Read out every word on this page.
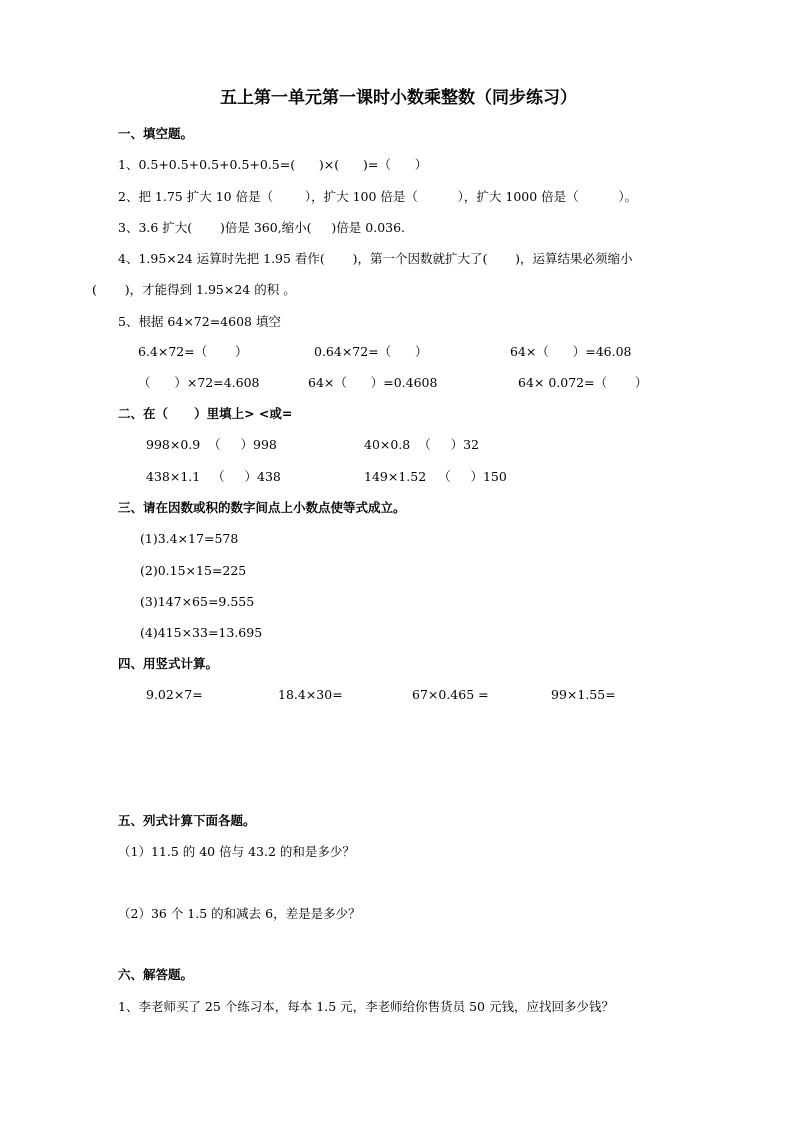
五上第一单元第一课时小数乘整数（同步练习）
一、填空题。
1、0.5+0.5+0.5+0.5+0.5=(      )×(      )=（      ）
2、把 1.75 扩大 10 倍是（        ），扩大 100 倍是（          ），扩大 1000 倍是（          ）。
3、3.6 扩大(       )倍是 360,缩小(     )倍是 0.036.
4、1.95×24 运算时先把 1.95 看作(       )，第一个因数就扩大了(       )，运算结果必须缩小
(       )，才能得到 1.95×24 的积 。
5、根据 64×72=4608 填空
6.4×72=（       ）	0.64×72=（      ）	64×（      ）=46.08
（      ）×72=4.608	64×（      ）=0.4608	64× 0.072=（       ）
二、在（      ）里填上> <或=
998×0.9  （     ）998	40×0.8  （     ）32
438×1.1   （     ）438	149×1.52   （     ）150
三、请在因数或积的数字间点上小数点使等式成立。
(1)3.4×17=578
(2)0.15×15=225
(3)147×65=9.555
(4)415×33=13.695
四、用竖式计算。
9.02×7=	18.4×30=	67×0.465 =	99×1.55=
五、列式计算下面各题。
（1）11.5 的 40 倍与 43.2 的和是多少？
（2）36 个 1.5 的和减去 6，差是是多少？
六、解答题。
1、李老师买了 25 个练习本，每本 1.5 元，李老师给你售货员 50 元钱，应找回多少钱？
